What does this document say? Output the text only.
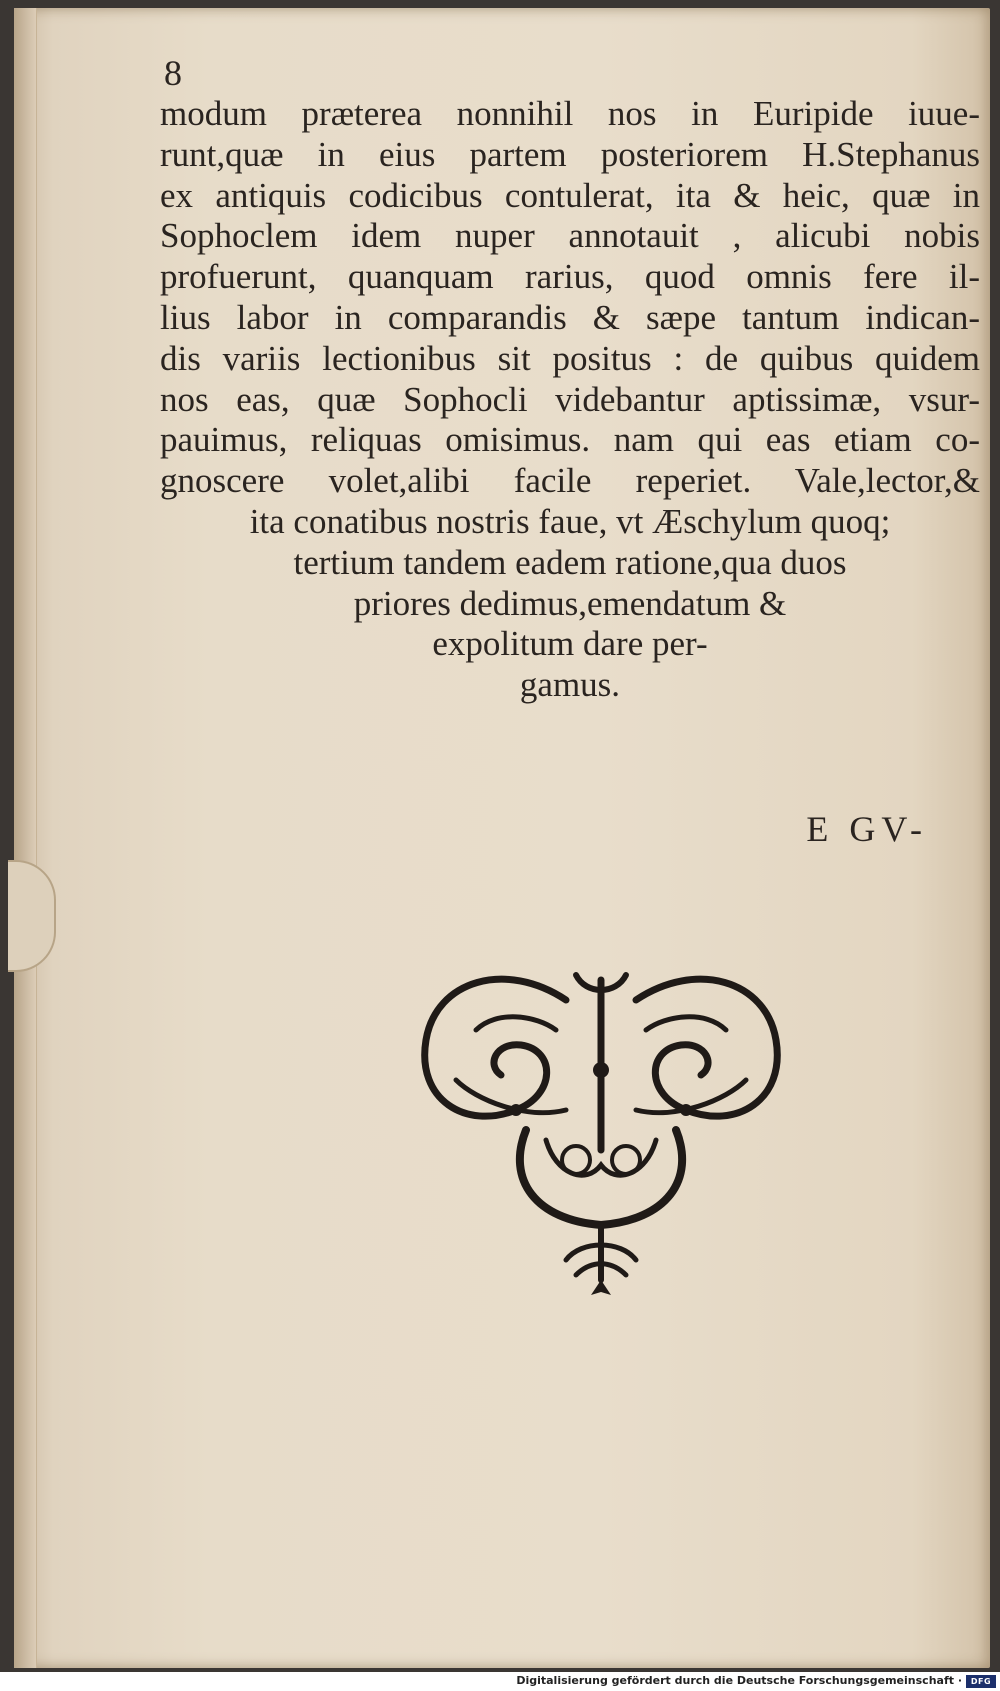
8

modum præterea nonnihil nos in Euripide iuue-
runt,quæ in eius partem posteriorem H.Stephanus
ex antiquis codicibus contulerat, ita & heic, quæ in
Sophoclem idem nuper annotauit , alicubi nobis
profuerunt, quanquam rarius, quod omnis fere il-
lius labor in comparandis & sæpe tantum indican-
dis variis lectionibus sit positus : de quibus quidem
nos eas, quæ Sophocli videbantur aptissimæ, vsur-
pauimus, reliquas omisimus. nam qui eas etiam co-
gnoscere volet,alibi facile reperiet. Vale,lector,&
ita conatibus nostris faue, vt Æschylum quoq;
tertium tandem eadem ratione,qua duos
priores dedimus,emendatum &
expolitum dare per-
gamus.

E GV-

Digitalisierung gefördert durch die Deutsche Forschungsgemeinschaft ·	DFG
